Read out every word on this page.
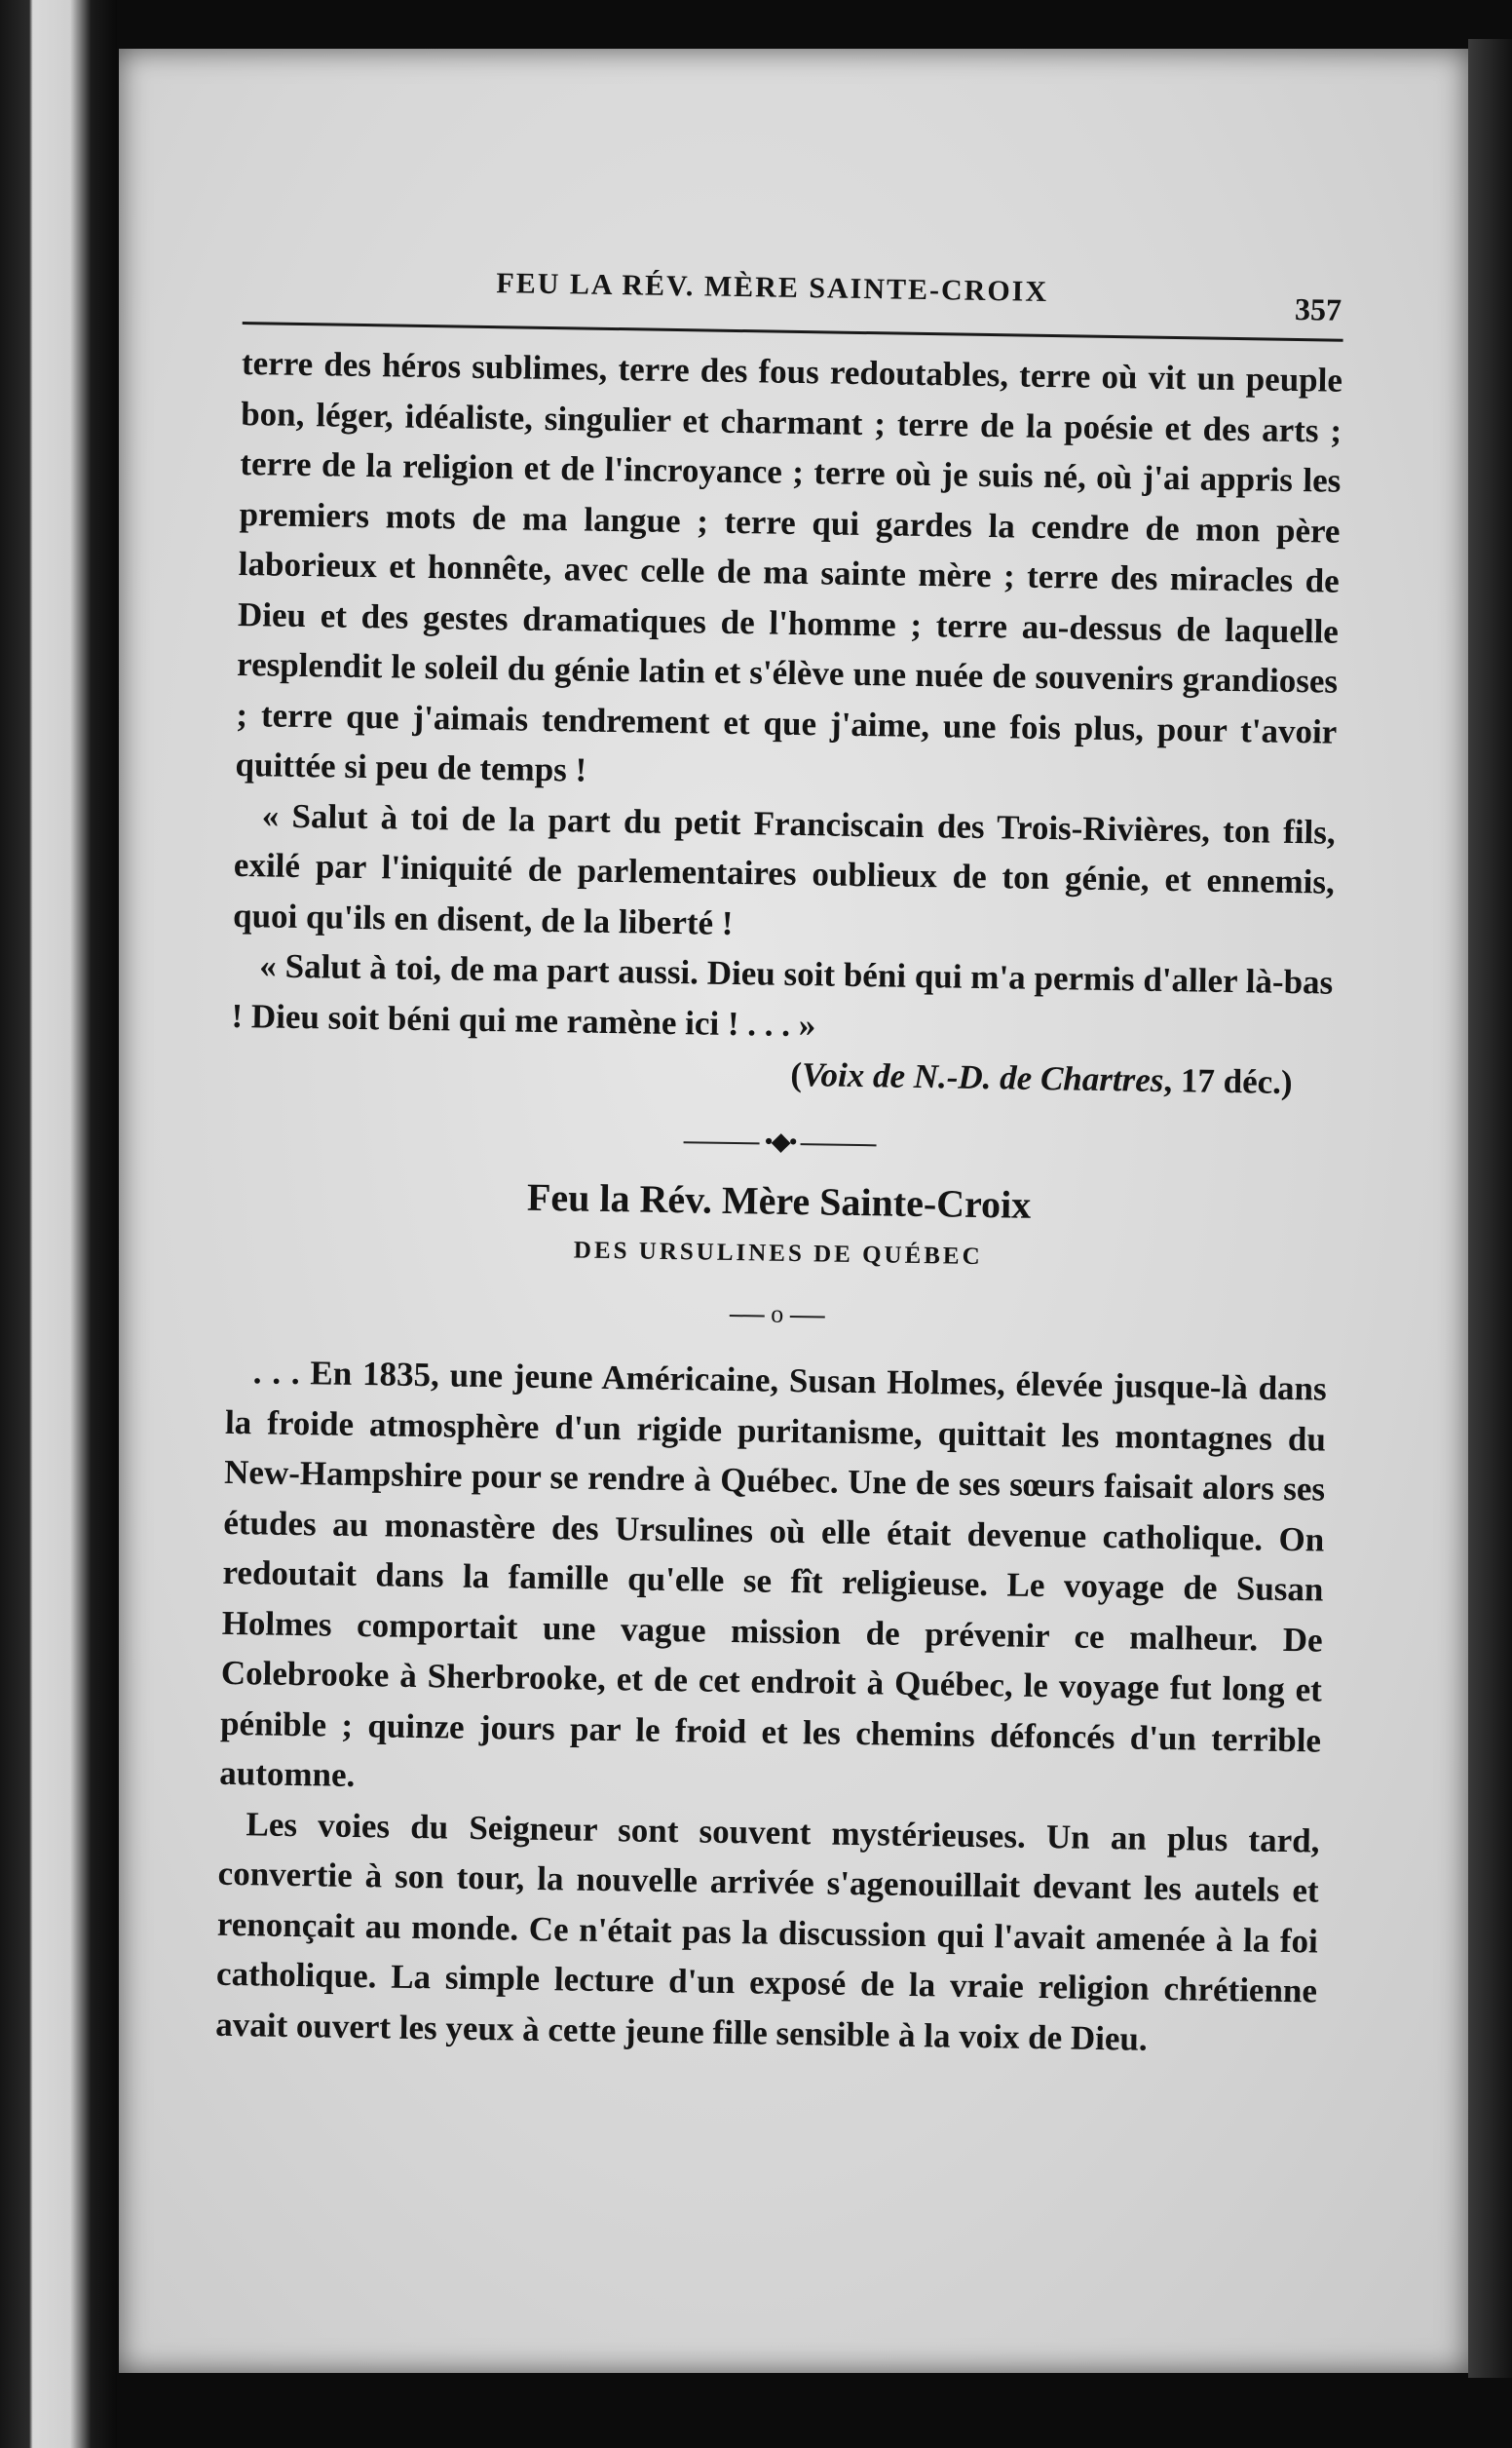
FEU LA RÉV. MÈRE SAINTE-CROIX
357

terre des héros sublimes, terre des fous redoutables, terre où vit un peuple bon, léger, idéaliste, singulier et charmant ; terre de la poésie et des arts ; terre de la religion et de l'incroyance ; terre où je suis né, où j'ai appris les premiers mots de ma langue ; terre qui gardes la cendre de mon père laborieux et honnête, avec celle de ma sainte mère ; terre des miracles de Dieu et des gestes dramatiques de l'homme ; terre au-dessus de laquelle resplendit le soleil du génie latin et s'élève une nuée de souvenirs grandioses ; terre que j'aimais tendrement et que j'aime, une fois plus, pour t'avoir quittée si peu de temps !

« Salut à toi de la part du petit Franciscain des Trois-Rivières, ton fils, exilé par l'iniquité de parlementaires oublieux de ton génie, et ennemis, quoi qu'ils en disent, de la liberté !

« Salut à toi, de ma part aussi. Dieu soit béni qui m'a permis d'aller là-bas ! Dieu soit béni qui me ramène ici ! . . . »

(Voix de N.-D. de Chartres, 17 déc.)

•◆•
Feu la Rév. Mère Sainte-Croix
DES URSULINES DE QUÉBEC
o

. . . En 1835, une jeune Américaine, Susan Holmes, élevée jusque-là dans la froide atmosphère d'un rigide puritanisme, quittait les montagnes du New-Hampshire pour se rendre à Québec. Une de ses sœurs faisait alors ses études au monastère des Ursulines où elle était devenue catholique. On redoutait dans la famille qu'elle se fît religieuse. Le voyage de Susan Holmes comportait une vague mission de prévenir ce malheur. De Colebrooke à Sherbrooke, et de cet endroit à Québec, le voyage fut long et pénible ; quinze jours par le froid et les chemins défoncés d'un terrible automne.

Les voies du Seigneur sont souvent mystérieuses. Un an plus tard, convertie à son tour, la nouvelle arrivée s'agenouillait devant les autels et renonçait au monde. Ce n'était pas la discussion qui l'avait amenée à la foi catholique. La simple lecture d'un exposé de la vraie religion chrétienne avait ouvert les yeux à cette jeune fille sensible à la voix de Dieu.
